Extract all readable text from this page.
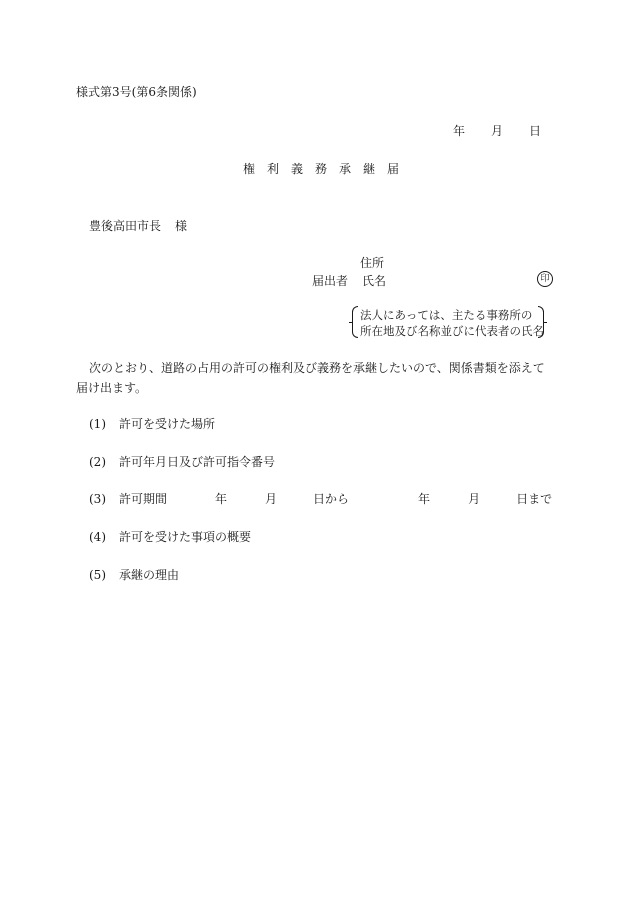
様式第3号(第6条関係)
年 月 日
権 利 義 務 承 継 届
豊後高田市長 様
住所
届出者 氏名	印
法人にあっては、主たる事務所の
所在地及び名称並びに代表者の氏名
次のとおり、道路の占用の許可の権利及び義務を承継したいので、関係書類を添えて届け出ます。
(1) 許可を受けた場所
(2) 許可年月日及び許可指令番号
(3) 許可期間	年	月	日から	年	月	日まで
(4) 許可を受けた事項の概要
(5) 承継の理由
